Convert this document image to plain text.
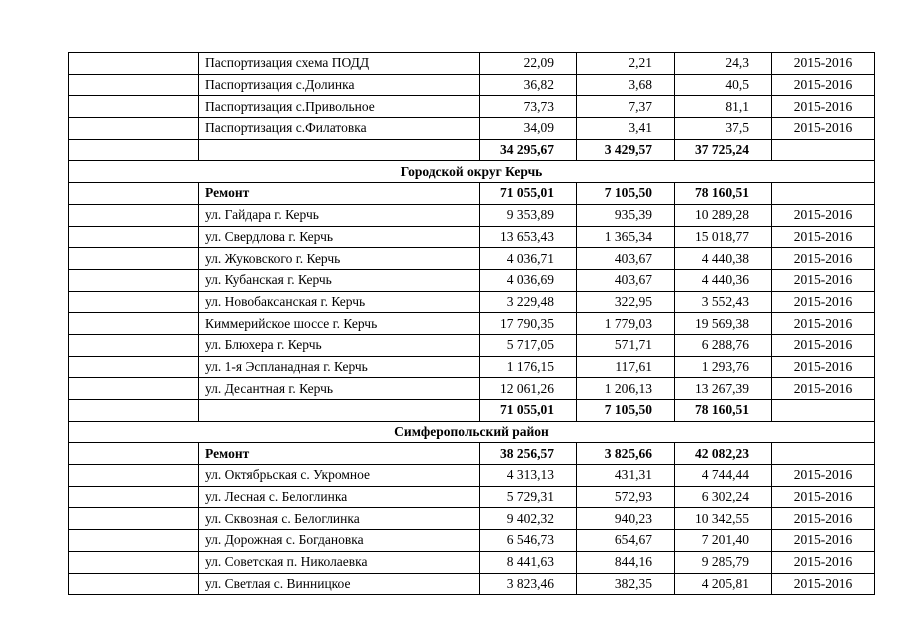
	Паспортизация схема ПОДД	22,09	2,21	24,3	2015-2016
	Паспортизация с.Долинка	36,82	3,68	40,5	2015-2016
	Паспортизация с.Привольное	73,73	7,37	81,1	2015-2016
	Паспортизация с.Филатовка	34,09	3,41	37,5	2015-2016
		34 295,67	3 429,57	37 725,24	
Городской округ Керчь					
	Ремонт	71 055,01	7 105,50	78 160,51	
	ул. Гайдара г. Керчь	9 353,89	935,39	10 289,28	2015-2016
	ул. Свердлова г. Керчь	13 653,43	1 365,34	15 018,77	2015-2016
	ул. Жуковского г. Керчь	4 036,71	403,67	4 440,38	2015-2016
	ул. Кубанская г. Керчь	4 036,69	403,67	4 440,36	2015-2016
	ул. Новобаксанская г. Керчь	3 229,48	322,95	3 552,43	2015-2016
	Киммерийское шоссе г. Керчь	17 790,35	1 779,03	19 569,38	2015-2016
	ул. Блюхера г. Керчь	5 717,05	571,71	6 288,76	2015-2016
	ул. 1-я Эспланадная г. Керчь	1 176,15	117,61	1 293,76	2015-2016
	ул. Десантная г. Керчь	12 061,26	1 206,13	13 267,39	2015-2016
		71 055,01	7 105,50	78 160,51	
Симферопольский район					
	Ремонт	38 256,57	3 825,66	42 082,23	
	ул. Октябрьская с. Укромное	4 313,13	431,31	4 744,44	2015-2016
	ул. Лесная с. Белоглинка	5 729,31	572,93	6 302,24	2015-2016
	ул. Сквозная с. Белоглинка	9 402,32	940,23	10 342,55	2015-2016
	ул. Дорожная с. Богдановка	6 546,73	654,67	7 201,40	2015-2016
	ул. Советская п. Николаевка	8 441,63	844,16	9 285,79	2015-2016
	ул. Светлая с. Винницкое	3 823,46	382,35	4 205,81	2015-2016
